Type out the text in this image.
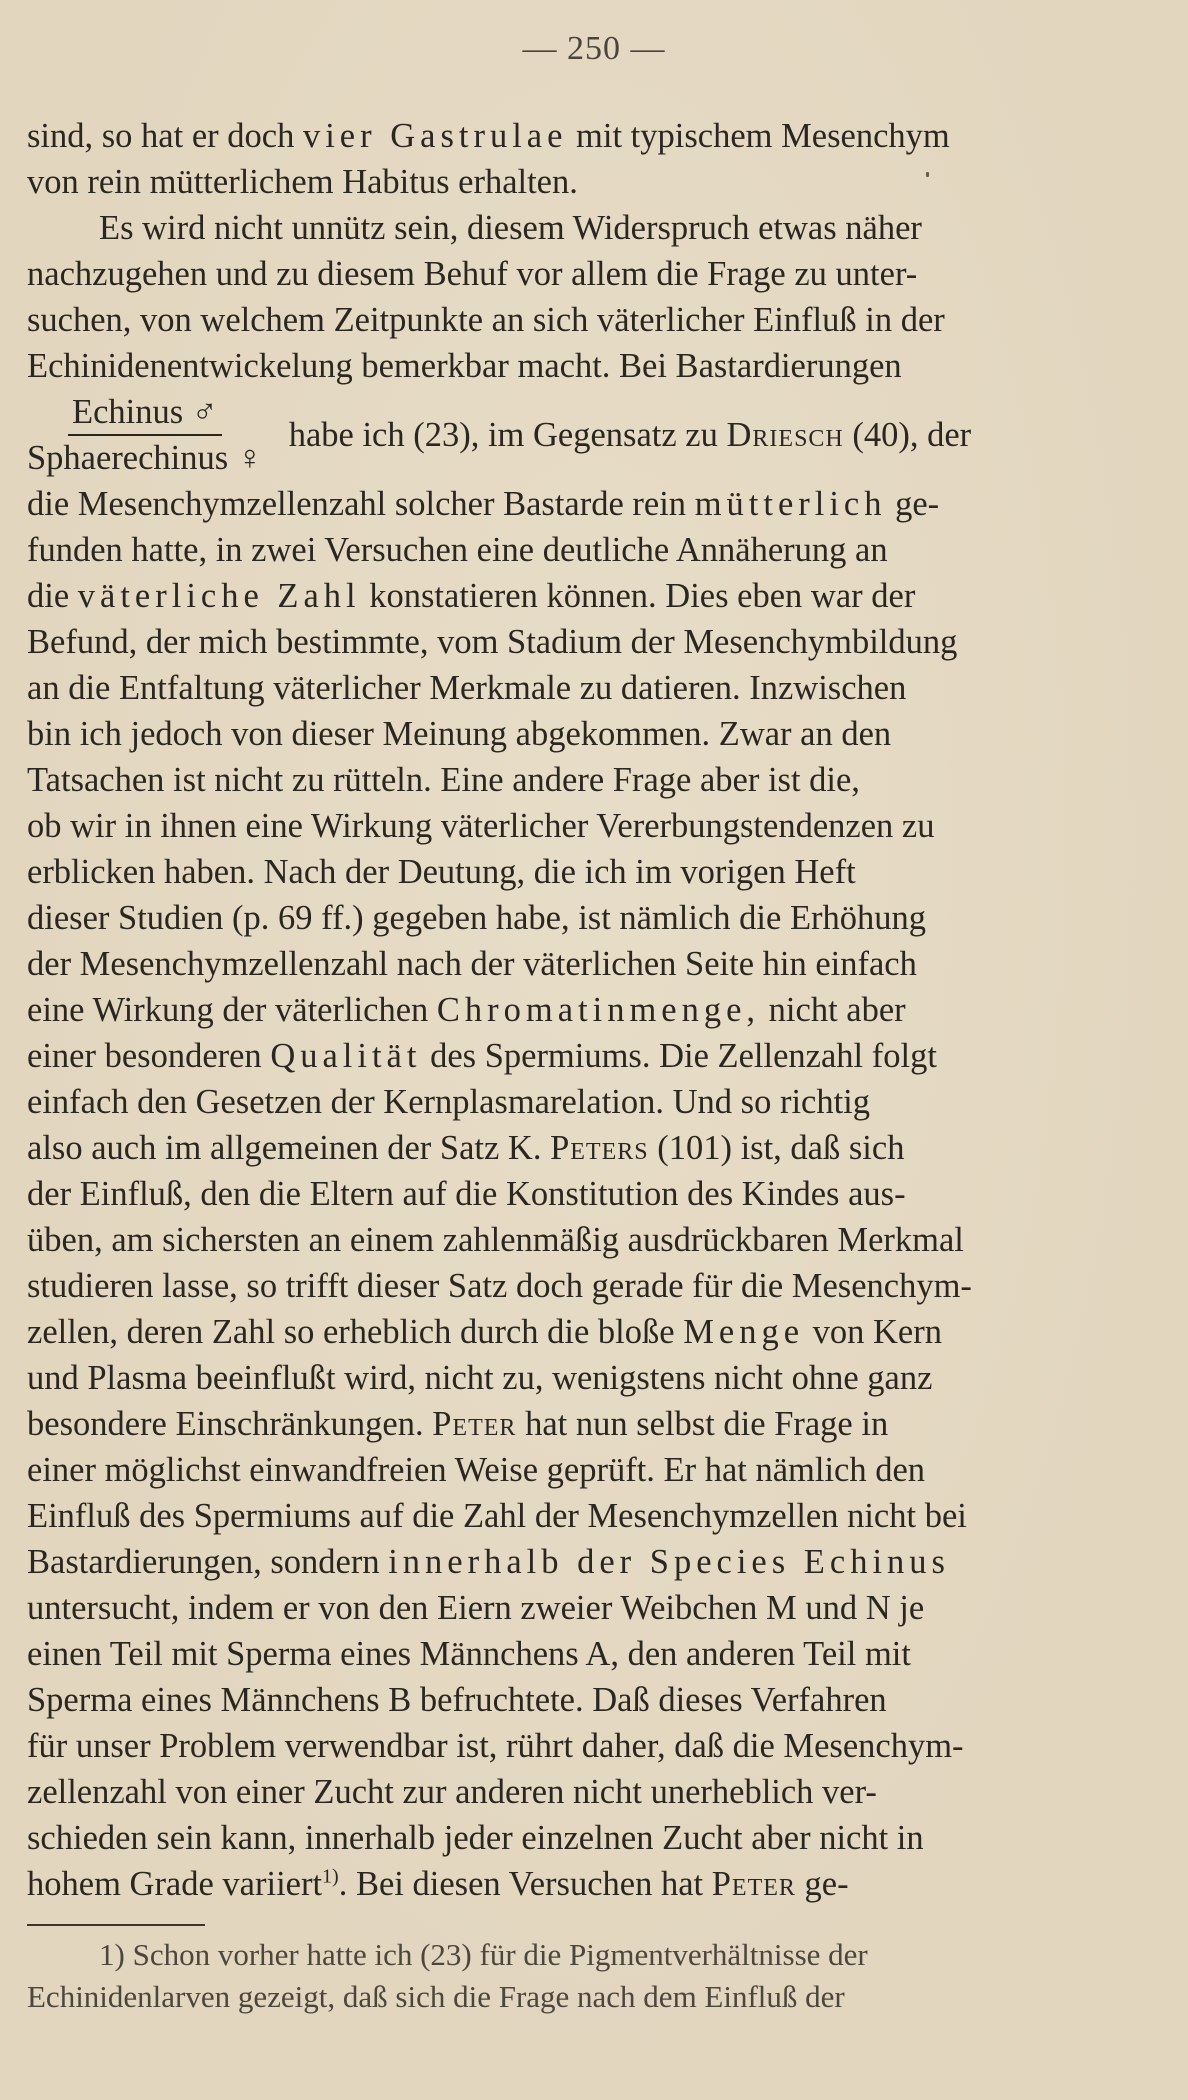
— 250 —
sind, so hat er doch vier Gastrulae mit typischem Mesenchym
von rein mütterlichem Habitus erhalten.
Es wird nicht unnütz sein, diesem Widerspruch etwas näher
nachzugehen und zu diesem Behuf vor allem die Frage zu unter-
suchen, von welchem Zeitpunkte an sich väterlicher Einfluß in der
Echinidenentwickelung bemerkbar macht. Bei Bastardierungen
$\frac{\text{Echinus ♂}}{\text{Sphaerechinus ♀}}$ habe ich (23), im Gegensatz zu Driesch (40), der
die Mesenchymzellenzahl solcher Bastarde rein mütterlich ge-
funden hatte, in zwei Versuchen eine deutliche Annäherung an
die väterliche Zahl konstatieren können. Dies eben war der
Befund, der mich bestimmte, vom Stadium der Mesenchymbildung
an die Entfaltung väterlicher Merkmale zu datieren. Inzwischen
bin ich jedoch von dieser Meinung abgekommen. Zwar an den
Tatsachen ist nicht zu rütteln. Eine andere Frage aber ist die,
ob wir in ihnen eine Wirkung väterlicher Vererbungstendenzen zu
erblicken haben. Nach der Deutung, die ich im vorigen Heft
dieser Studien (p. 69 ff.) gegeben habe, ist nämlich die Erhöhung
der Mesenchymzellenzahl nach der väterlichen Seite hin einfach
eine Wirkung der väterlichen Chromatinmenge, nicht aber
einer besonderen Qualität des Spermiums. Die Zellenzahl folgt
einfach den Gesetzen der Kernplasmarelation. Und so richtig
also auch im allgemeinen der Satz K. Peters (101) ist, daß sich
der Einfluß, den die Eltern auf die Konstitution des Kindes aus-
üben, am sichersten an einem zahlenmäßig ausdrückbaren Merkmal
studieren lasse, so trifft dieser Satz doch gerade für die Mesenchym-
zellen, deren Zahl so erheblich durch die bloße Menge von Kern
und Plasma beeinflußt wird, nicht zu, wenigstens nicht ohne ganz
besondere Einschränkungen. Peter hat nun selbst die Frage in
einer möglichst einwandfreien Weise geprüft. Er hat nämlich den
Einfluß des Spermiums auf die Zahl der Mesenchymzellen nicht bei
Bastardierungen, sondern innerhalb der Species Echinus
untersucht, indem er von den Eiern zweier Weibchen M und N je
einen Teil mit Sperma eines Männchens A, den anderen Teil mit
Sperma eines Männchens B befruchtete. Daß dieses Verfahren
für unser Problem verwendbar ist, rührt daher, daß die Mesenchym-
zellenzahl von einer Zucht zur anderen nicht unerheblich ver-
schieden sein kann, innerhalb jeder einzelnen Zucht aber nicht in
hohem Grade variiert$^{1)}$. Bei diesen Versuchen hat Peter ge-
1) Schon vorher hatte ich (23) für die Pigmentverhältnisse der
Echinidenlarven gezeigt, daß sich die Frage nach dem Einfluß der
